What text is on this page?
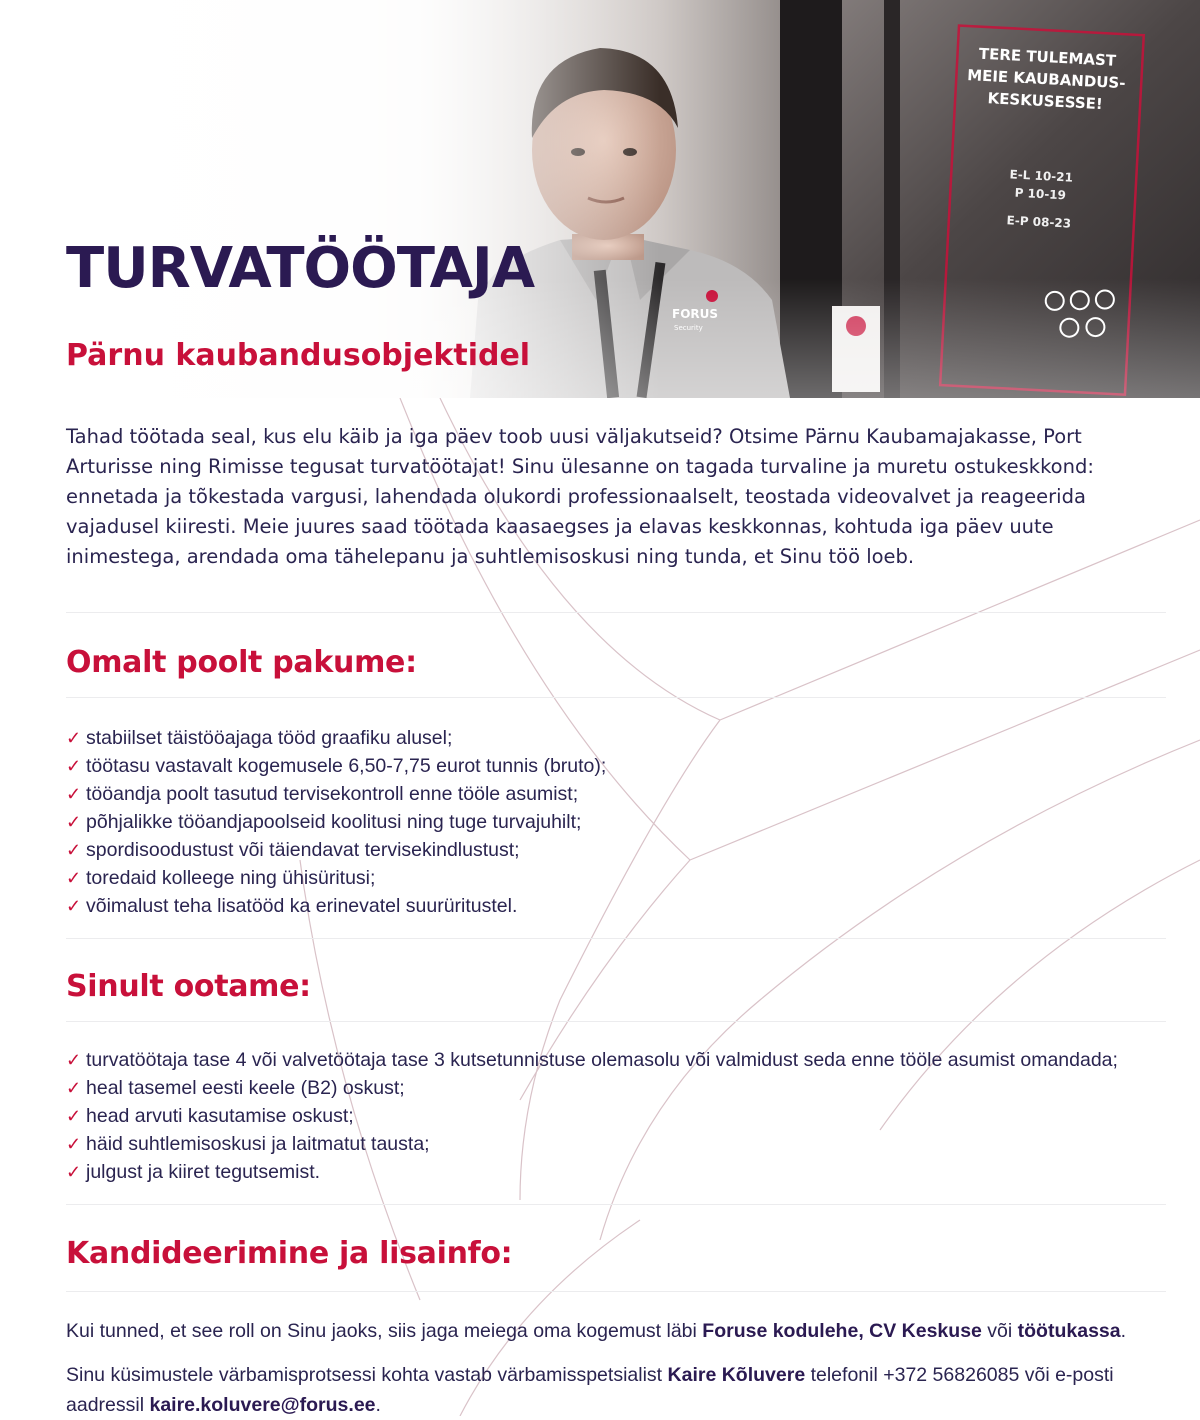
TURVATÖÖTAJA
Pärnu kaubandusobjektidel

Tahad töötada seal, kus elu käib ja iga päev toob uusi väljakutseid? Otsime Pärnu Kaubamajakasse, Port Arturisse ning Rimisse tegusat turvatöötajat! Sinu ülesanne on tagada turvaline ja muretu ostukeskkond: ennetada ja tõkestada vargusi, lahendada olukordi professionaalselt, teostada videovalvet ja reageerida vajadusel kiiresti. Meie juures saad töötada kaasaegses ja elavas keskkonnas, kohtuda iga päev uute inimestega, arendada oma tähelepanu ja suhtlemisoskusi ning tunda, et Sinu töö loeb.

Omalt poolt pakume:
✓ stabiilset täistööajaga tööd graafiku alusel;
✓ töötasu vastavalt kogemusele 6,50-7,75 eurot tunnis (bruto);
✓ tööandja poolt tasutud tervisekontroll enne tööle asumist;
✓ põhjalikke tööandjapoolseid koolitusi ning tuge turvajuhilt;
✓ spordisoodustust või täiendavat tervisekindlustust;
✓ toredaid kolleege ning ühisüritusi;
✓ võimalust teha lisatööd ka erinevatel suurüritustel.
Sinult ootame:
✓ turvatöötaja tase 4 või valvetöötaja tase 3 kutsetunnistuse olemasolu või valmidust seda enne tööle asumist omandada;
✓ heal tasemel eesti keele (B2) oskust;
✓ head arvuti kasutamise oskust;
✓ häid suhtlemisoskusi ja laitmatut tausta;
✓ julgust ja kiiret tegutsemist.
Kandideerimine ja lisainfo:

Kui tunned, et see roll on Sinu jaoks, siis jaga meiega oma kogemust läbi Foruse kodulehe, CV Keskuse või töötukassa.

Sinu küsimustele värbamisprotsessi kohta vastab värbamisspetsialist Kaire Kõluvere telefonil +372 56826085 või e-posti aadressil kaire.koluvere@forus.ee.
